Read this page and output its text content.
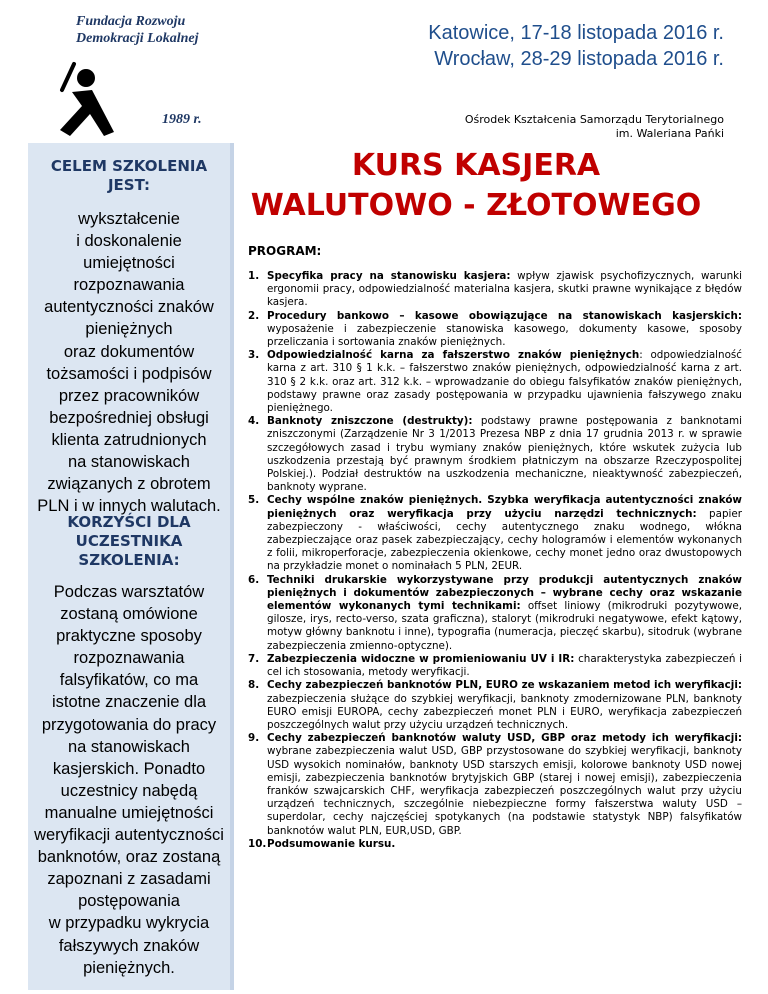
Fundacja Rozwoju

Demokracji Lokalnej

1989 r.
Katowice, 17-18 listopada 2016 r.
Wrocław, 28-29 listopada 2016 r.
Ośrodek Kształcenia Samorządu Terytorialnego
im. Waleriana Pańki
CELEM SZKOLENIA
JEST:

wykształcenie
i doskonalenie
umiejętności
rozpoznawania
autentyczności znaków
pieniężnych
oraz dokumentów
tożsamości i podpisów
przez pracowników
bezpośredniej obsługi
klienta zatrudnionych
na stanowiskach
związanych z obrotem
PLN i w innych walutach.

KORZYŚCI DLA
UCZESTNIKA
SZKOLENIA:

Podczas warsztatów
zostaną omówione
praktyczne sposoby
rozpoznawania
falsyfikatów, co ma
istotne znaczenie dla
przygotowania do pracy
na stanowiskach
kasjerskich. Ponadto
uczestnicy nabędą
manualne umiejętności
weryfikacji autentyczności
banknotów, oraz zostaną
zapoznani z zasadami
postępowania
w przypadku wykrycia
fałszywych znaków
pieniężnych.

KURS KASJERA
WALUTOWO - ZŁOTOWEGO
PROGRAM:
1. Specyfika pracy na stanowisku kasjera: wpływ zjawisk psychofizycznych, warunki ergonomii pracy, odpowiedzialność materialna kasjera, skutki prawne wynikające z błędów kasjera.
2. Procedury bankowo – kasowe obowiązujące na stanowiskach kasjerskich: wyposażenie i zabezpieczenie stanowiska kasowego, dokumenty kasowe, sposoby przeliczania i sortowania znaków pieniężnych.
3. Odpowiedzialność karna za fałszerstwo znaków pieniężnych: odpowiedzialność karna z art. 310 § 1 k.k. – fałszerstwo znaków pieniężnych, odpowiedzialność karna z art. 310 § 2 k.k. oraz art. 312 k.k. – wprowadzanie do obiegu falsyfikatów znaków pieniężnych, podstawy prawne oraz zasady postępowania w przypadku ujawnienia fałszywego znaku pieniężnego.
4. Banknoty zniszczone (destrukty): podstawy prawne postępowania z banknotami zniszczonymi (Zarządzenie Nr 3 1/2013 Prezesa NBP z dnia 17 grudnia 2013 r. w sprawie szczegółowych zasad i trybu wymiany znaków pieniężnych, które wskutek zużycia lub uszkodzenia przestają być prawnym środkiem płatniczym na obszarze Rzeczypospolitej Polskiej.). Podział destruktów na uszkodzenia mechaniczne, nieaktywność zabezpieczeń, banknoty wyprane.
5. Cechy wspólne znaków pieniężnych. Szybka weryfikacja autentyczności znaków pieniężnych oraz weryfikacja przy użyciu narzędzi technicznych: papier zabezpieczony - właściwości, cechy autentycznego znaku wodnego, włókna zabezpieczające oraz pasek zabezpieczający, cechy hologramów i elementów wykonanych z folii, mikroperforacje, zabezpieczenia okienkowe, cechy monet jedno oraz dwustopowych na przykładzie monet o nominałach 5 PLN, 2EUR.
6. Techniki drukarskie wykorzystywane przy produkcji autentycznych znaków pieniężnych i dokumentów zabezpieczonych – wybrane cechy oraz wskazanie elementów wykonanych tymi technikami: offset liniowy (mikrodruki pozytywowe, gilosze, irys, recto-verso, szata graficzna), staloryt (mikrodruki negatywowe, efekt kątowy, motyw główny banknotu i inne), typografia (numeracja, pieczęć skarbu), sitodruk (wybrane zabezpieczenia zmienno-optyczne).
7. Zabezpieczenia widoczne w promieniowaniu UV i IR: charakterystyka zabezpieczeń i cel ich stosowania, metody weryfikacji.
8. Cechy zabezpieczeń banknotów PLN, EURO ze wskazaniem metod ich weryfikacji: zabezpieczenia służące do szybkiej weryfikacji, banknoty zmodernizowane PLN, banknoty EURO emisji EUROPA, cechy zabezpieczeń monet PLN i EURO, weryfikacja zabezpieczeń poszczególnych walut przy użyciu urządzeń technicznych.
9. Cechy zabezpieczeń banknotów waluty USD, GBP oraz metody ich weryfikacji: wybrane zabezpieczenia walut USD, GBP przystosowane do szybkiej weryfikacji, banknoty USD wysokich nominałów, banknoty USD starszych emisji, kolorowe banknoty USD nowej emisji, zabezpieczenia banknotów brytyjskich GBP (starej i nowej emisji), zabezpieczenia franków szwajcarskich CHF, weryfikacja zabezpieczeń poszczególnych walut przy użyciu urządzeń technicznych, szczególnie niebezpieczne formy fałszerstwa waluty USD – superdolar, cechy najczęściej spotykanych (na podstawie statystyk NBP) falsyfikatów banknotów walut PLN, EUR,USD, GBP.
10. Podsumowanie kursu.
